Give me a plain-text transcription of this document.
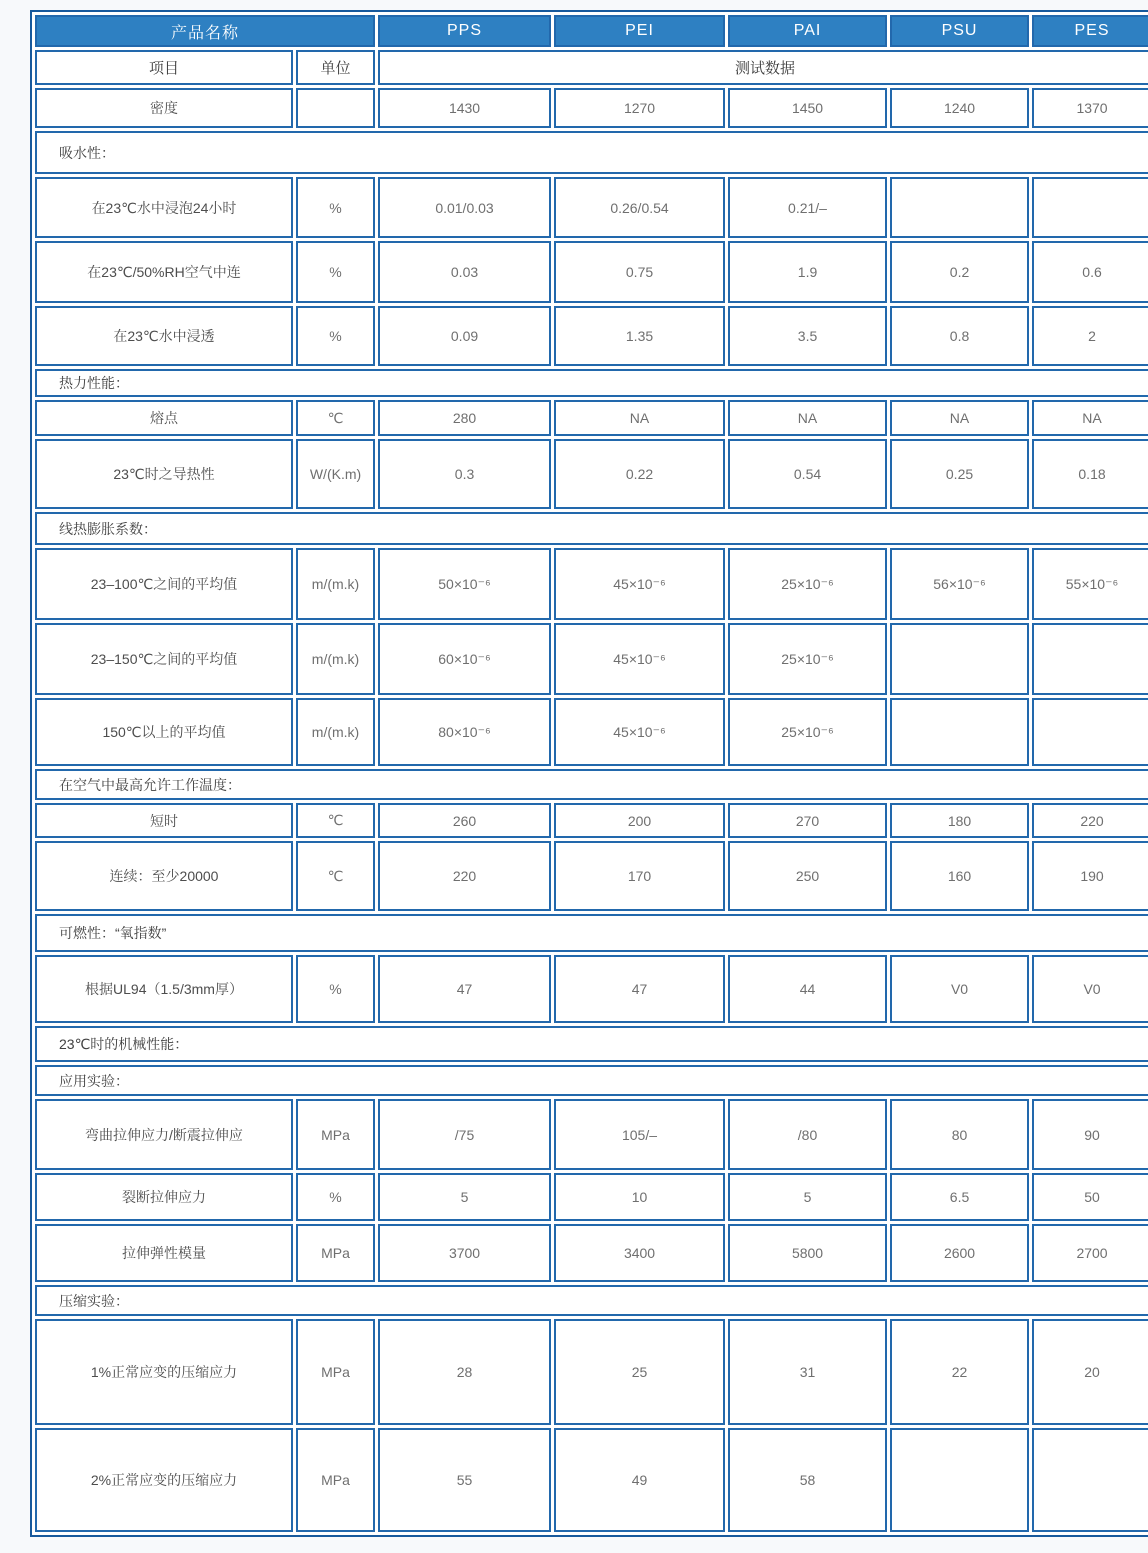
产品名称		PPS	PEI	PAI	PSU	PES
项目	单位	测试数据				
密度		1430	1270	1450	1240	1370
吸水性：						
在23℃水中浸泡24小时	%	0.01/0.03	0.26/0.54	0.21/–		
在23℃/50%RH空气中连	%	0.03	0.75	1.9	0.2	0.6
在23℃水中浸透	%	0.09	1.35	3.5	0.8	2
热力性能：						
熔点	℃	280	NA	NA	NA	NA
23℃时之导热性	W/(K.m)	0.3	0.22	0.54	0.25	0.18
线热膨胀系数：						
23–100℃之间的平均值	m/(m.k)	50×10⁻⁶	45×10⁻⁶	25×10⁻⁶	56×10⁻⁶	55×10⁻⁶
23–150℃之间的平均值	m/(m.k)	60×10⁻⁶	45×10⁻⁶	25×10⁻⁶		
150℃以上的平均值	m/(m.k)	80×10⁻⁶	45×10⁻⁶	25×10⁻⁶		
在空气中最高允许工作温度：						
短时	℃	260	200	270	180	220
连续：至少20000	℃	220	170	250	160	190
可燃性：“氧指数”						
根据UL94（1.5/3mm厚）	%	47	47	44	V0	V0
23℃时的机械性能：						
应用实验：						
弯曲拉伸应力/断震拉伸应	MPa	/75	105/–	/80	80	90
裂断拉伸应力	%	5	10	5	6.5	50
拉伸弹性模量	MPa	3700	3400	5800	2600	2700
压缩实验：						
1%正常应变的压缩应力	MPa	28	25	31	22	20
2%正常应变的压缩应力	MPa	55	49	58		
